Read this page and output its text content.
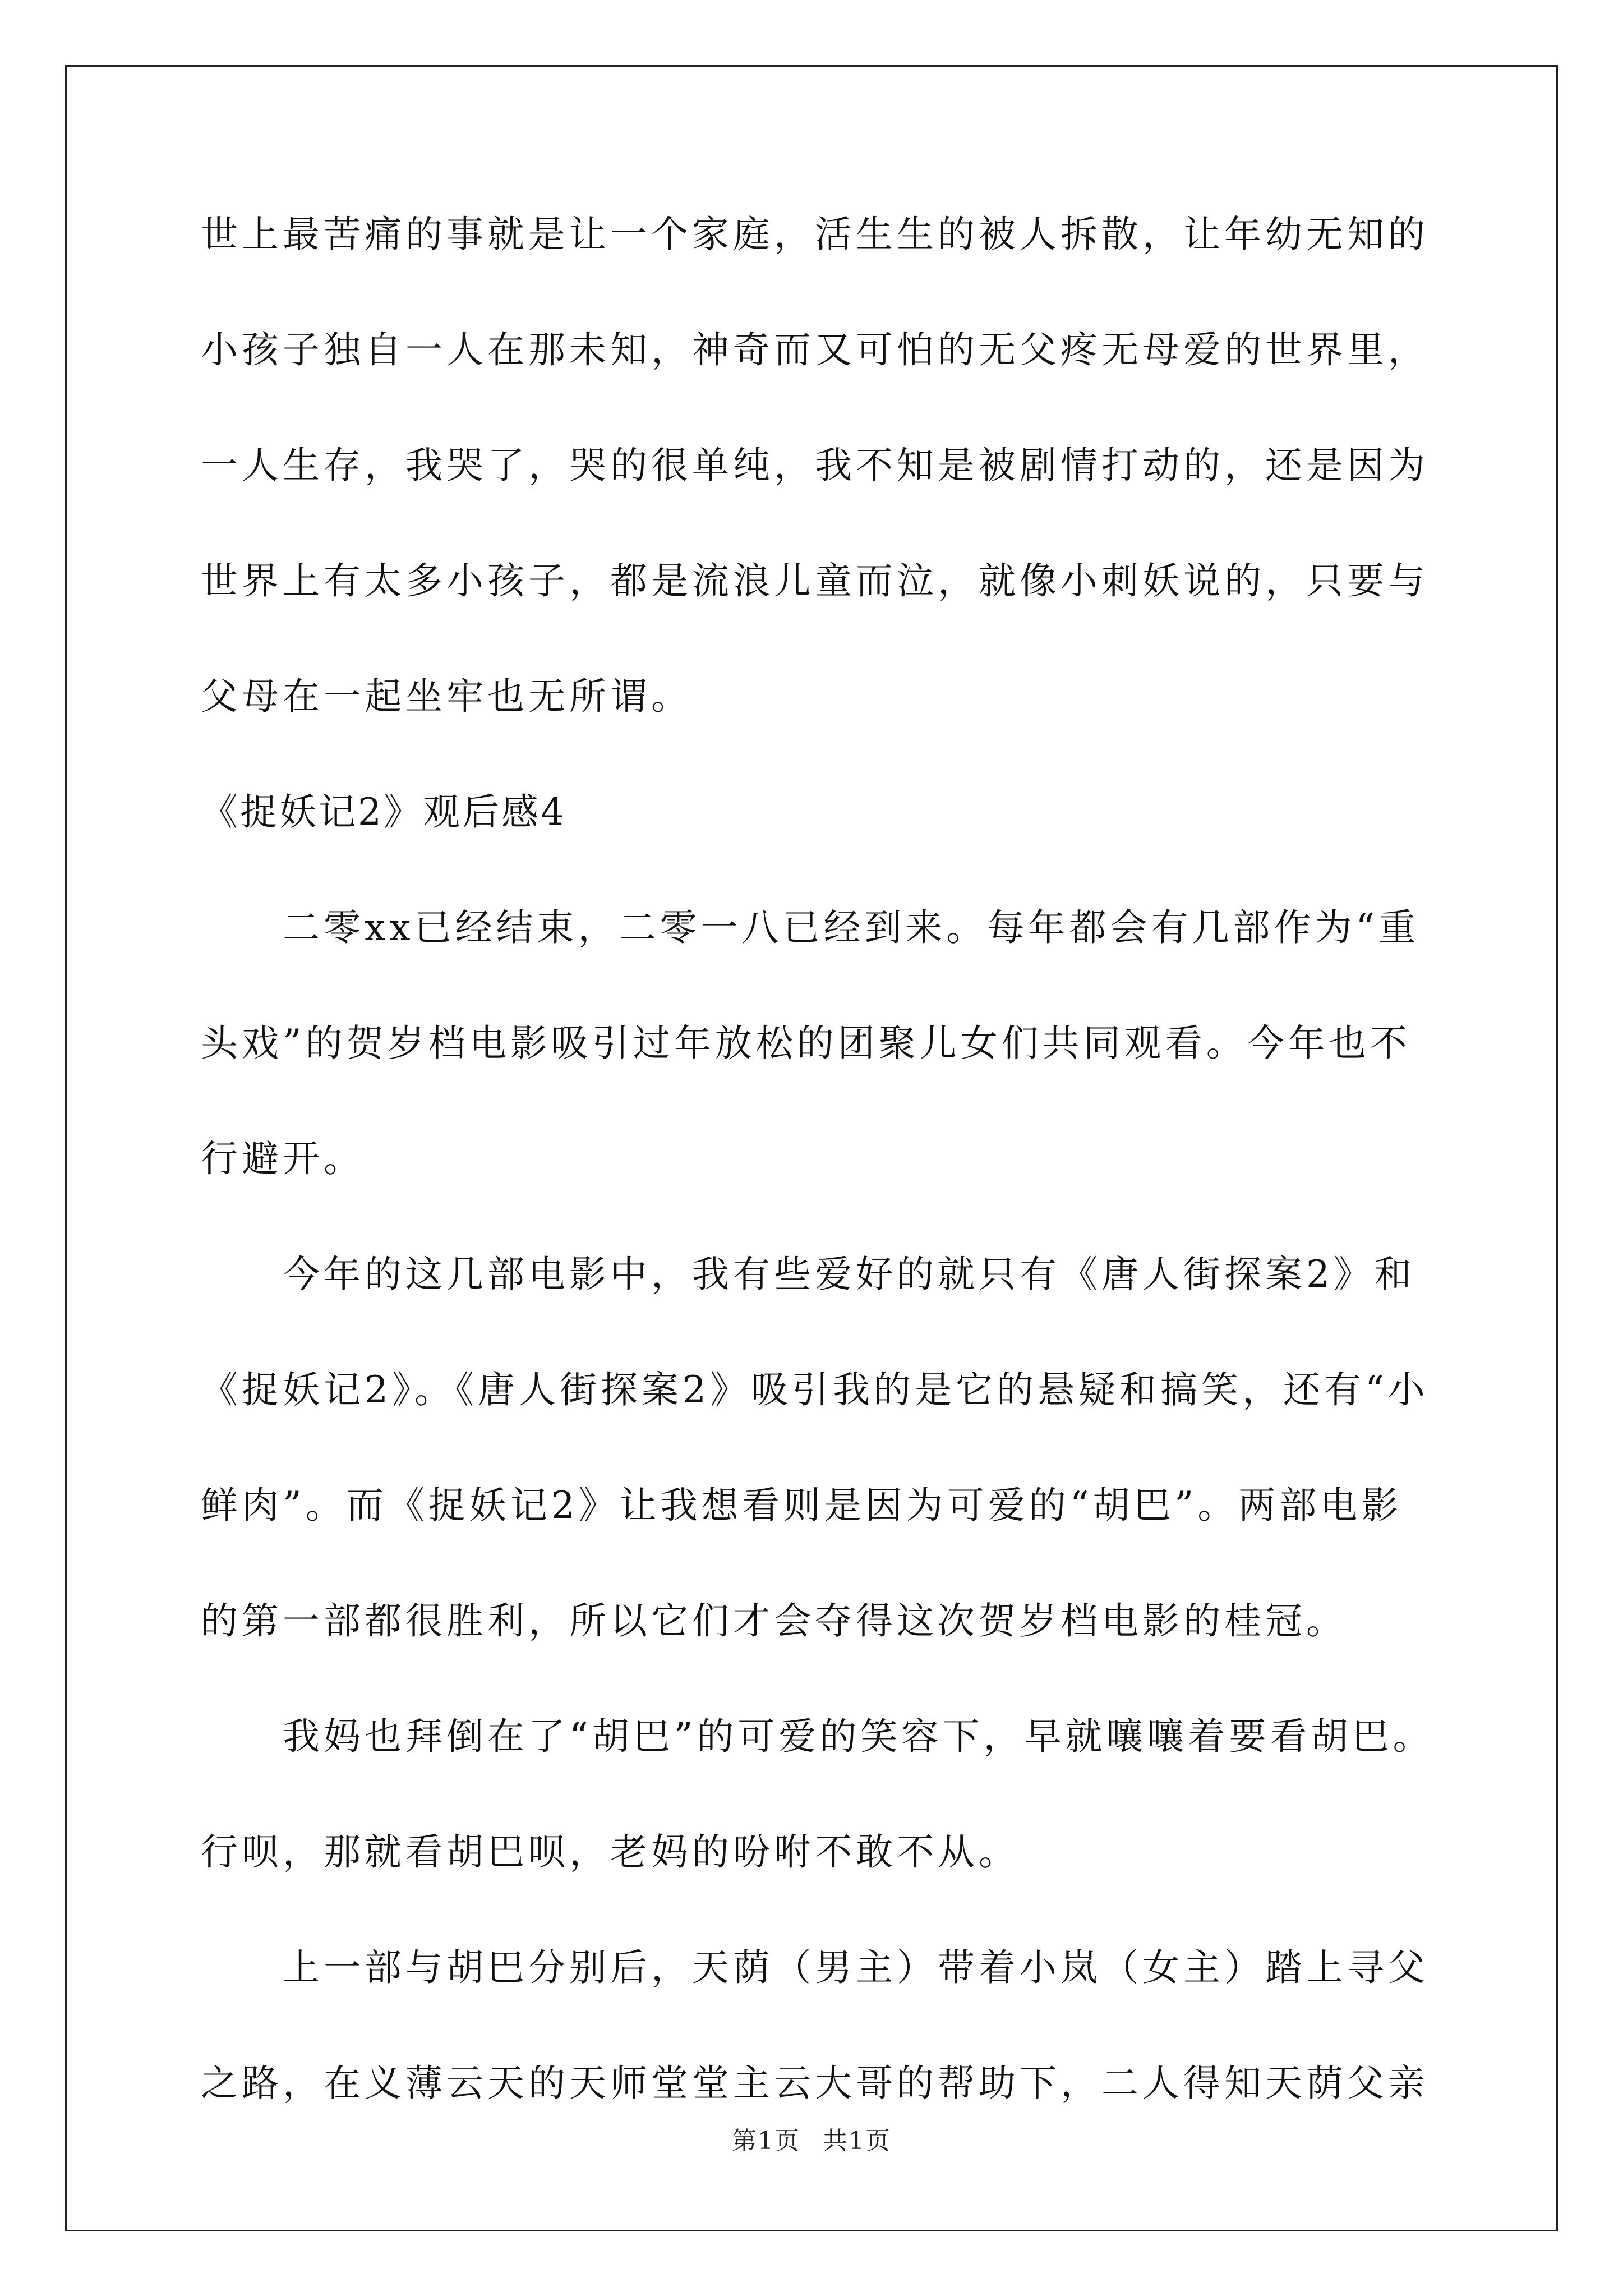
世上最苦痛的事就是让一个家庭，活生生的被人拆散，让年幼无知的
小孩子独自一人在那未知，神奇而又可怕的无父疼无母爱的世界里，
一人生存，我哭了，哭的很单纯，我不知是被剧情打动的，还是因为
世界上有太多小孩子，都是流浪儿童而泣，就像小刺妖说的，只要与
父母在一起坐牢也无所谓。
《捉妖记2》观后感4
二零xx已经结束，二零一八已经到来。每年都会有几部作为“重
头戏”的贺岁档电影吸引过年放松的团聚儿女们共同观看。今年也不
行避开。
今年的这几部电影中，我有些爱好的就只有《唐人街探案2》和
《捉妖记2》。《唐人街探案2》吸引我的是它的悬疑和搞笑，还有“小
鲜肉”。而《捉妖记2》让我想看则是因为可爱的“胡巴”。两部电影
的第一部都很胜利，所以它们才会夺得这次贺岁档电影的桂冠。
我妈也拜倒在了“胡巴”的可爱的笑容下，早就嚷嚷着要看胡巴。
行呗，那就看胡巴呗，老妈的吩咐不敢不从。
上一部与胡巴分别后，天荫（男主）带着小岚（女主）踏上寻父
之路，在义薄云天的天师堂堂主云大哥的帮助下，二人得知天荫父亲
第1页 共1页
